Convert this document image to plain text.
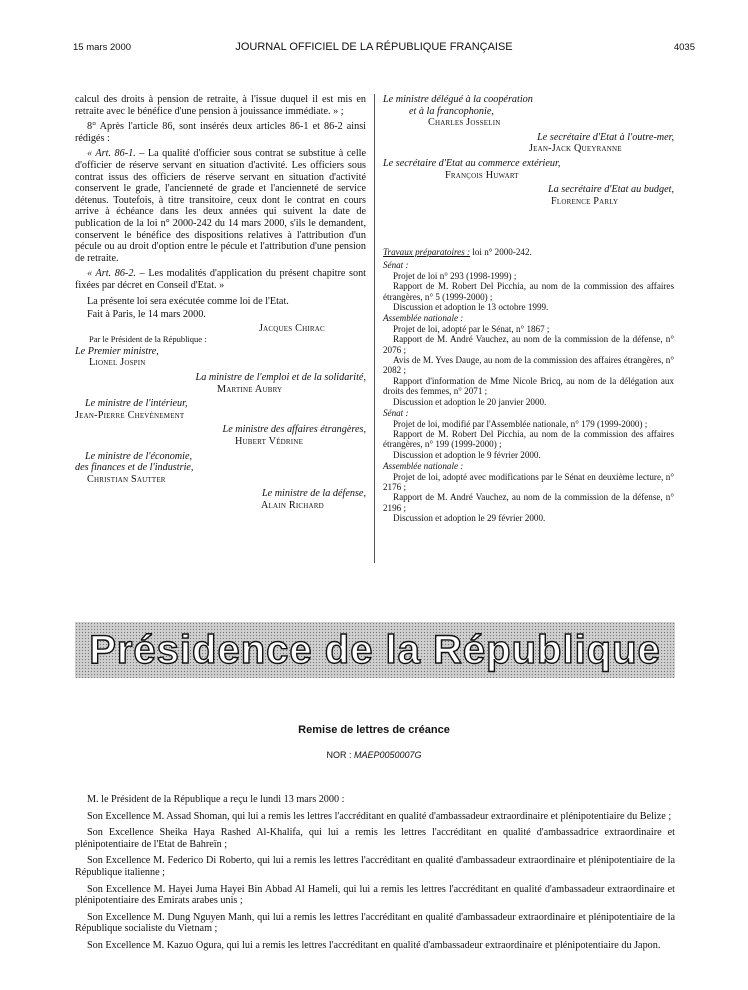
15 mars 2000	JOURNAL OFFICIEL DE LA RÉPUBLIQUE FRANÇAISE	4035

calcul des droits à pension de retraite, à l'issue duquel il est mis en retraite avec le bénéfice d'une pension à jouissance immédiate. » ;

8° Après l'article 86, sont insérés deux articles 86-1 et 86-2 ainsi rédigés :

« Art. 86-1. – La qualité d'officier sous contrat se substitue à celle d'officier de réserve servant en situation d'activité. Les officiers sous contrat issus des officiers de réserve servant en situation d'activité conservent le grade, l'ancienneté de grade et l'ancienneté de service détenus. Toutefois, à titre transitoire, ceux dont le contrat en cours arrive à échéance dans les deux années qui suivent la date de publication de la loi n° 2000-242 du 14 mars 2000, s'ils le demandent, conservent le bénéfice des dispositions relatives à l'attribution d'un pécule ou au droit d'option entre le pécule et l'attribution d'une pension de retraite.

« Art. 86-2. – Les modalités d'application du présent chapitre sont fixées par décret en Conseil d'Etat. »

La présente loi sera exécutée comme loi de l'Etat.

Fait à Paris, le 14 mars 2000.

Jacques Chirac
Par le Président de la République :
Le Premier ministre,
Lionel Jospin
La ministre de l'emploi et de la solidarité,
Martine Aubry
Le ministre de l'intérieur,
Jean-Pierre Chevènement
Le ministre des affaires étrangères,
Hubert Védrine
Le ministre de l'économie,
des finances et de l'industrie,
Christian Sautter
Le ministre de la défense,
Alain Richard
Le ministre délégué à la coopération
et à la francophonie,
Charles Josselin
Le secrétaire d'Etat à l'outre-mer,
Jean-Jack Queyranne
Le secrétaire d'Etat au commerce extérieur,
François Huwart
La secrétaire d'Etat au budget,
Florence Parly
Travaux préparatoires : loi n° 2000-242.
Sénat :
Projet de loi n° 293 (1998-1999) ;
Rapport de M. Robert Del Picchia, au nom de la commission des affaires étrangères, n° 5 (1999-2000) ;
Discussion et adoption le 13 octobre 1999.
Assemblée nationale :
Projet de loi, adopté par le Sénat, n° 1867 ;
Rapport de M. André Vauchez, au nom de la commission de la défense, n° 2076 ;
Avis de M. Yves Dauge, au nom de la commission des affaires étrangères, n° 2082 ;
Rapport d'information de Mme Nicole Bricq, au nom de la délégation aux droits des femmes, n° 2071 ;
Discussion et adoption le 20 janvier 2000.
Sénat :
Projet de loi, modifié par l'Assemblée nationale, n° 179 (1999-2000) ;
Rapport de M. Robert Del Picchia, au nom de la commission des affaires étrangères, n° 199 (1999-2000) ;
Discussion et adoption le 9 février 2000.
Assemblée nationale :
Projet de loi, adopté avec modifications par le Sénat en deuxième lecture, n° 2176 ;
Rapport de M. André Vauchez, au nom de la commission de la défense, n° 2196 ;
Discussion et adoption le 29 février 2000.
Présidence de la République
Remise de lettres de créance
NOR : MAEP0050007G

M. le Président de la République a reçu le lundi 13 mars 2000 :

Son Excellence M. Assad Shoman, qui lui a remis les lettres l'accréditant en qualité d'ambassadeur extraordinaire et plénipotentiaire du Belize ;

Son Excellence Sheika Haya Rashed Al-Khalifa, qui lui a remis les lettres l'accréditant en qualité d'ambassadrice extraordinaire et plénipotentiaire de l'Etat de Bahreïn ;

Son Excellence M. Federico Di Roberto, qui lui a remis les lettres l'accréditant en qualité d'ambassadeur extraordinaire et plénipotentiaire de la République italienne ;

Son Excellence M. Hayei Juma Hayei Bin Abbad Al Hameli, qui lui a remis les lettres l'accréditant en qualité d'ambassadeur extraordinaire et plénipotentiaire des Emirats arabes unis ;

Son Excellence M. Dung Nguyen Manh, qui lui a remis les lettres l'accréditant en qualité d'ambassadeur extraordinaire et plénipotentiaire de la République socialiste du Vietnam ;

Son Excellence M. Kazuo Ogura, qui lui a remis les lettres l'accréditant en qualité d'ambassadeur extraordinaire et plénipotentiaire du Japon.
